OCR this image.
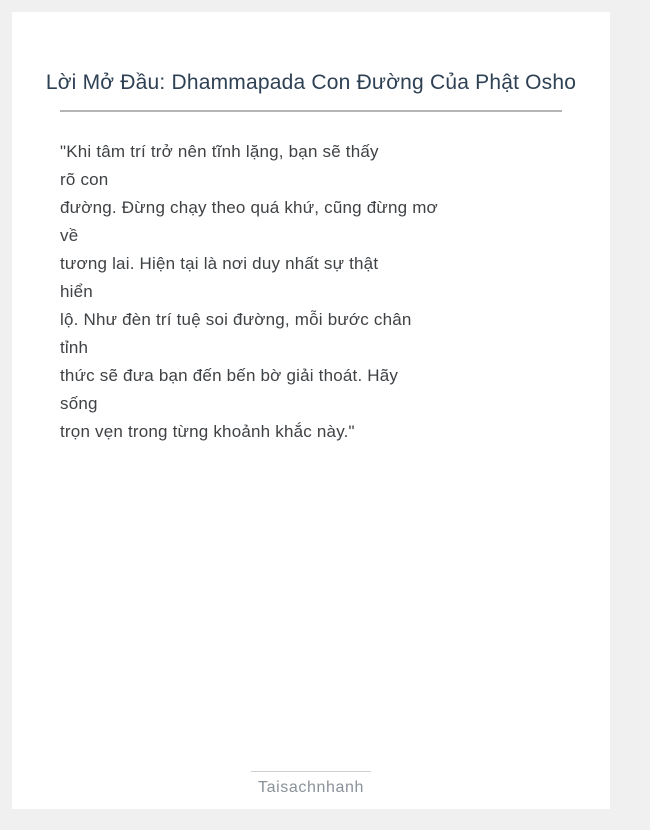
Lời Mở Đầu: Dhammapada Con Đường Của Phật Osho
"Khi tâm trí trở nên tĩnh lặng, bạn sẽ thấy
rõ con
đường. Đừng chạy theo quá khứ, cũng đừng mơ
về
tương lai. Hiện tại là nơi duy nhất sự thật
hiển
lộ. Như đèn trí tuệ soi đường, mỗi bước chân
tỉnh
thức sẽ đưa bạn đến bến bờ giải thoát. Hãy
sống
trọn vẹn trong từng khoảnh khắc này."
Taisachnhanh
